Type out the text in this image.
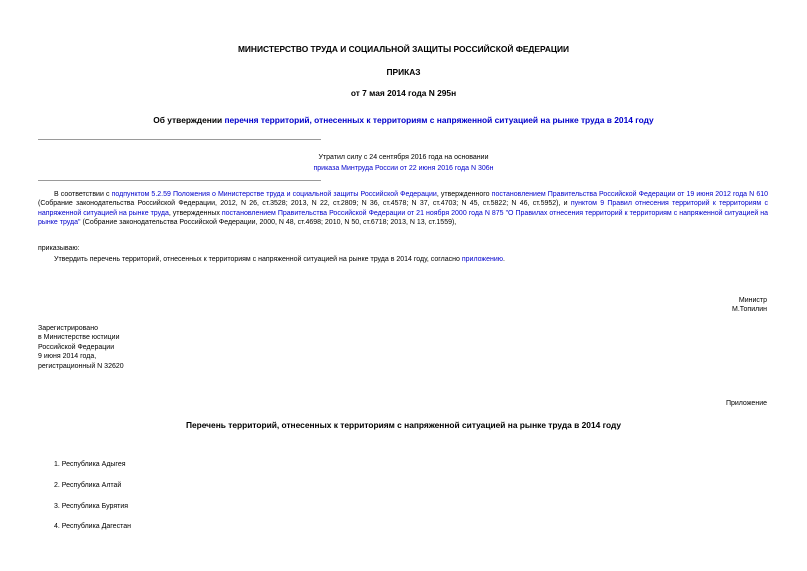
МИНИСТЕРСТВО ТРУДА И СОЦИАЛЬНОЙ ЗАЩИТЫ РОССИЙСКОЙ ФЕДЕРАЦИИ
ПРИКАЗ
от 7 мая 2014 года N 295н
Об утверждении перечня территорий, отнесенных к территориям с напряженной ситуацией на рынке труда в 2014 году
Утратил силу с 24 сентября 2016 года на основании
приказа Минтруда России от 22 июня 2016 года N 306н
В соответствии с подпунктом 5.2.59 Положения о Министерстве труда и социальной защиты Российской Федерации, утвержденного постановлением Правительства Российской Федерации от 19 июня 2012 года N 610 (Собрание законодательства Российской Федерации, 2012, N 26, ст.3528; 2013, N 22, ст.2809; N 36, ст.4578; N 37, ст.4703; N 45, ст.5822; N 46, ст.5952), и пунктом 9 Правил отнесения территорий к территориям с напряженной ситуацией на рынке труда, утвержденных постановлением Правительства Российской Федерации от 21 ноября 2000 года N 875 "О Правилах отнесения территорий к территориям с напряженной ситуацией на рынке труда" (Собрание законодательства Российской Федерации, 2000, N 48, ст.4698; 2010, N 50, ст.6718; 2013, N 13, ст.1559),
приказываю:
Утвердить перечень территорий, отнесенных к территориям с напряженной ситуацией на рынке труда в 2014 году, согласно приложению.
Министр
М.Топилин
Зарегистрировано
в Министерстве юстиции
Российской Федерации
9 июня 2014 года,
регистрационный N 32620
Приложение
Перечень территорий, отнесенных к территориям с напряженной ситуацией на рынке труда в 2014 году
1. Республика Адыгея
2. Республика Алтай
3. Республика Бурятия
4. Республика Дагестан
